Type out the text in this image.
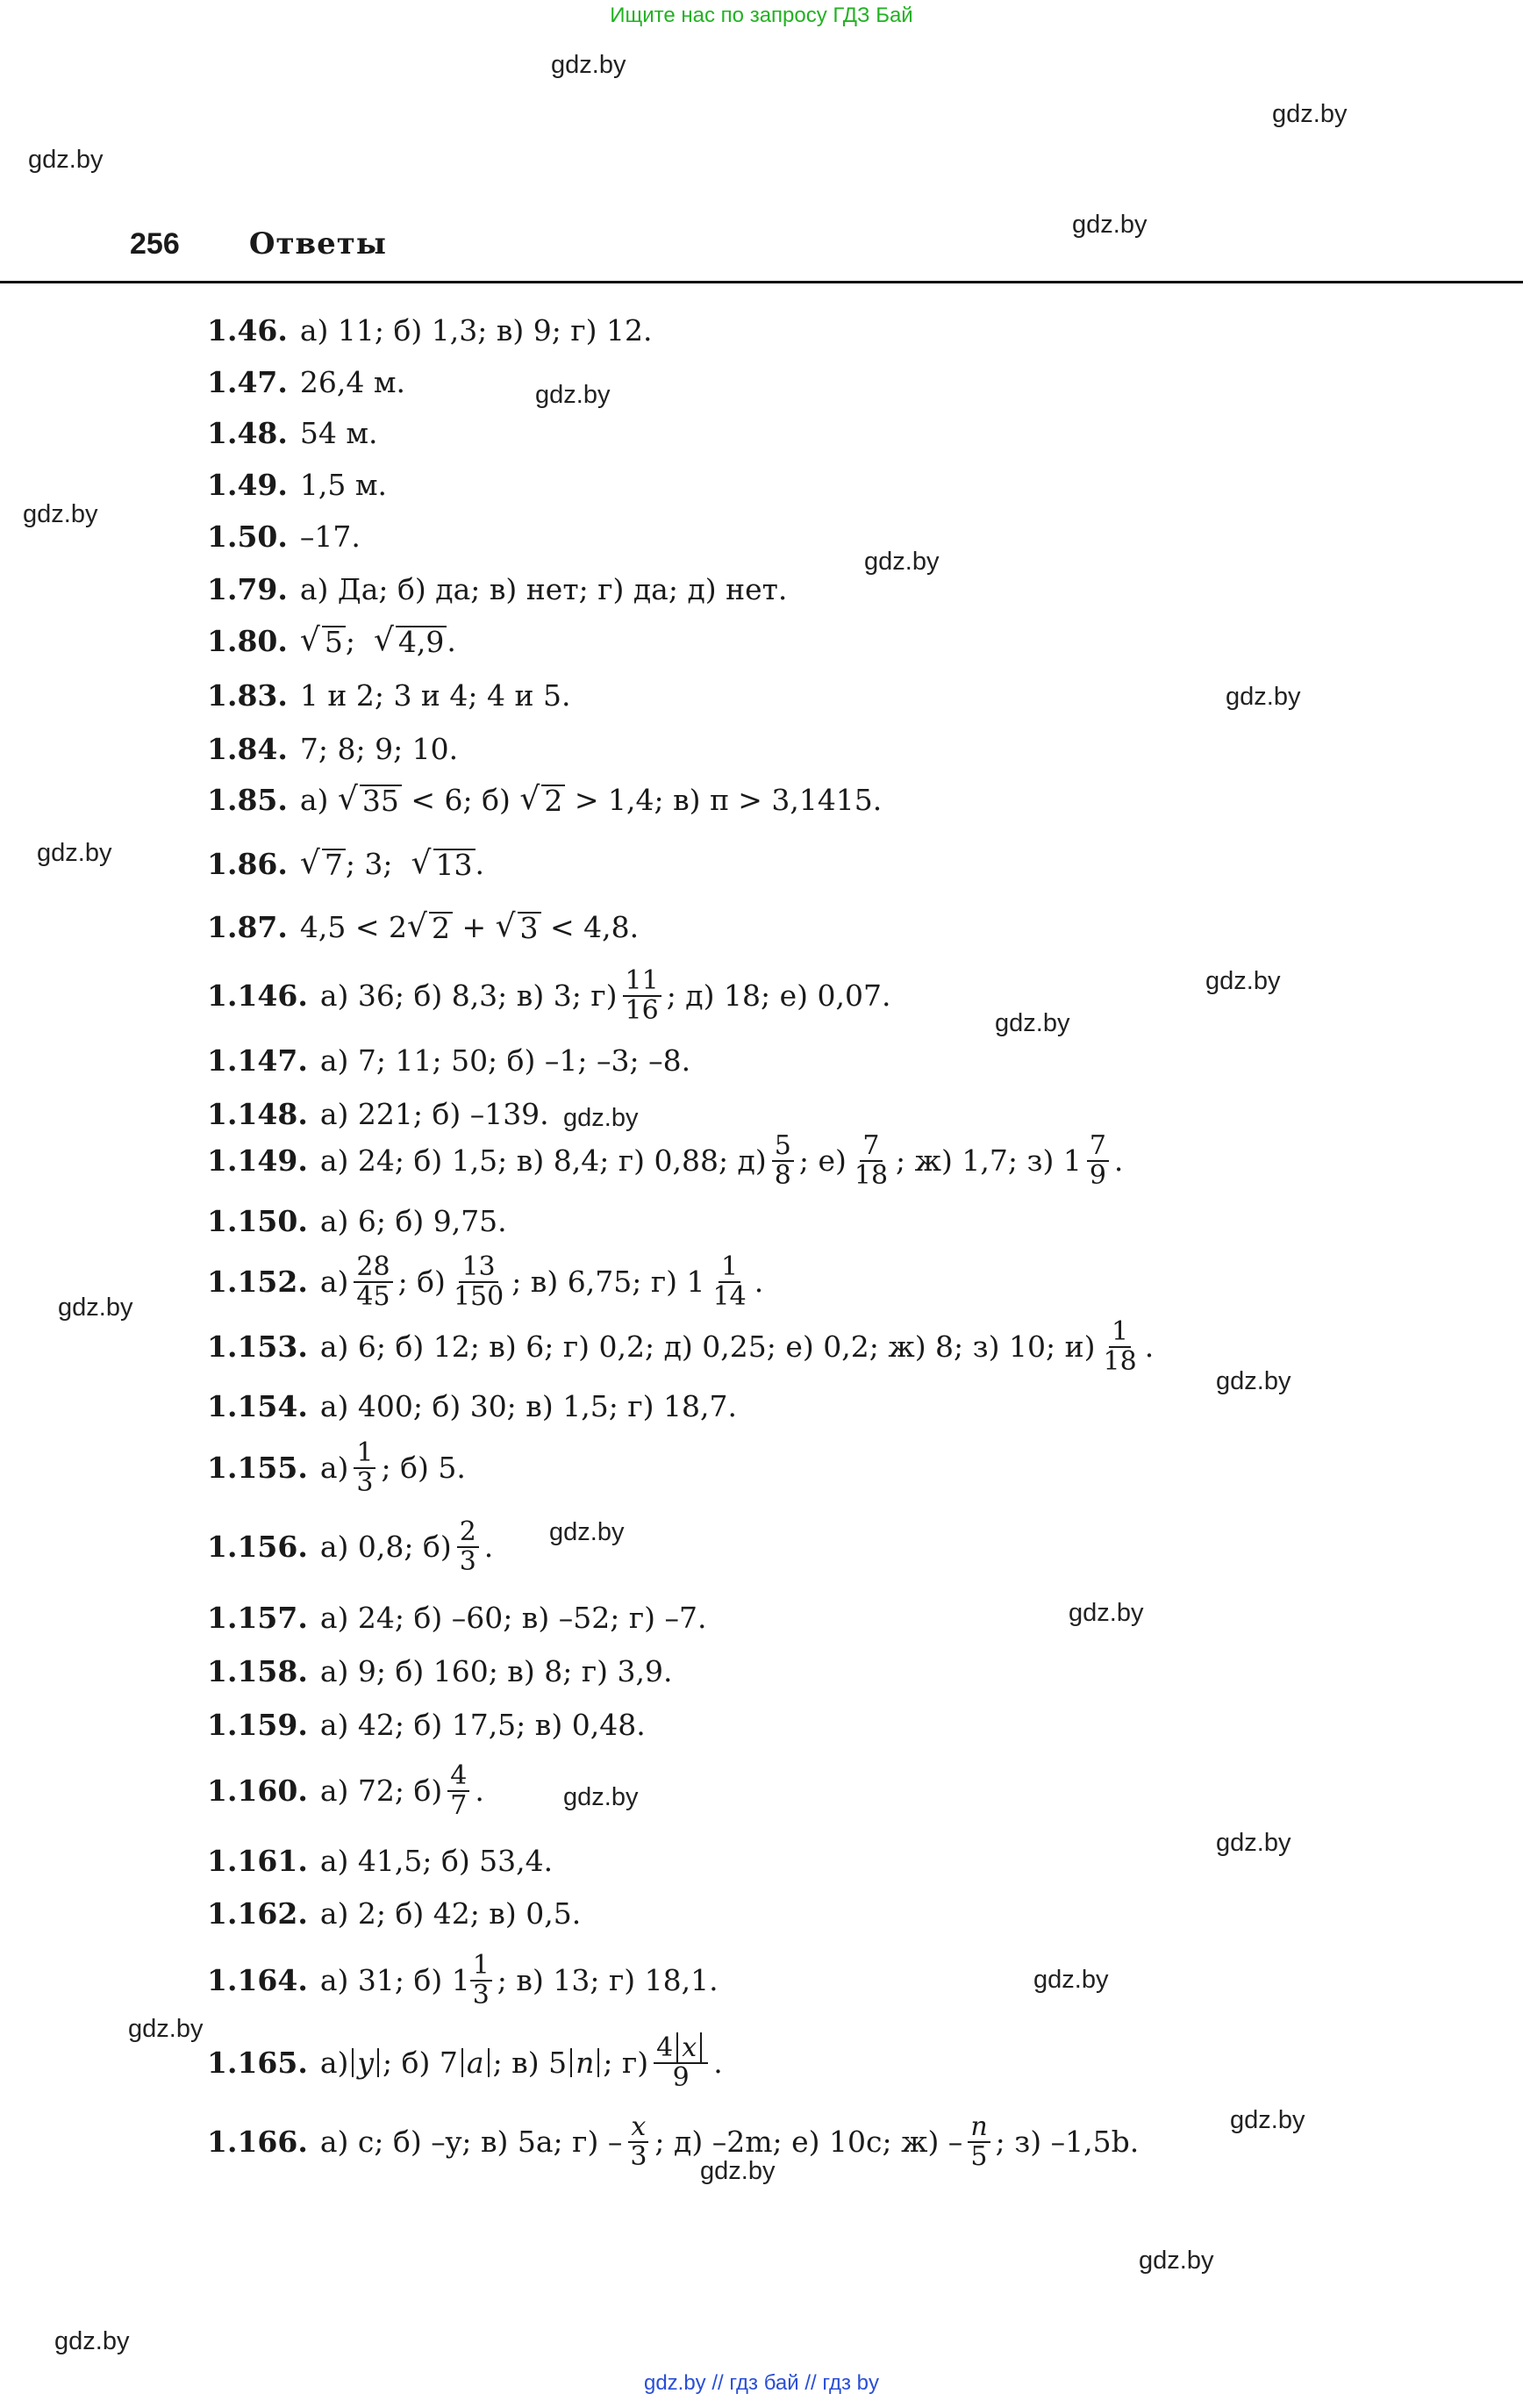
Ищите нас по запросу ГДЗ Бай
gdz.by
gdz.by
gdz.by
gdz.by
gdz.by
gdz.by
gdz.by
gdz.by
gdz.by
gdz.by
gdz.by
gdz.by
gdz.by
gdz.by
gdz.by
gdz.by
gdz.by
gdz.by
gdz.by
gdz.by
gdz.by
gdz.by
gdz.by
gdz.by
256 Ответы
1.46. а) 11; б) 1,3; в) 9; г) 12.
1.47. 26,4 м.
1.48. 54 м.
1.49. 1,5 м.
1.50. –17.
1.79. а) Да; б) да; в) нет; г) да; д) нет.
1.80. √ 5 ;
√ 4,9 .
1.83. 1 и 2; 3 и 4; 4 и 5.
1.84. 7; 8; 9; 10.
1.85. а)
√ 35
< 6; б)
√ 2
> 1,4; в) π > 3,1415.
1.86. √ 7 ; 3;
√ 13 .
1.87. 4,5 < 2 √ 2
+
√ 3
< 4,8.
1.146. а) 36; б) 8,3; в) 3; $г) \frac{11}{16}$ ; д) 18; е) 0,07.
1.147. а) 7; 11; 50; б) –1; –3; –8.
1.148. а) 221; б) –139.
1.149. а) 24; б) 1,5; в) 8,4; г) 0,88; $д) \frac{5}{8}$ ; $е) \frac{7}{18}$ ; ж) 1,7; з) $1 \frac{7}{9}$ .
1.150. а) 6; б) 9,75.
1.152. $а) \frac{28}{45}$ ; $б) \frac{13}{150}$ ; в) 6,75; г) $1 \frac{1}{14}$ .
1.153. а) 6; б) 12; в) 6; г) 0,2; д) 0,25; е) 0,2; ж) 8; з) 10; $и) \frac{1}{18}$ .
1.154. а) 400; б) 30; в) 1,5; г) 18,7.
1.155. $а) \frac{1}{3}$ ; б) 5.
1.156. а) 0,8; $б) \frac{2}{3}$ .
1.157. а) 24; б) –60; в) –52; г) –7.
1.158. а) 9; б) 160; в) 8; г) 3,9.
1.159. а) 42; б) 17,5; в) 0,48.
1.160. а) 72; $б) \frac{4}{7}$ .
1.161. а) 41,5; б) 53,4.
1.162. а) 2; б) 42; в) 0,5.
1.164. а) 31; б) $1 \frac{1}{3}$ ; в) 13; г) 18,1.
1.165. а) y ; б) 7 a ; в) 5 n ; $г) \frac{4 x}{9}$ .
1.166. а) c; б) –y; в) 5a; $г) - \frac{x}{3}$ ; д) –2m; е) 10c; $ж) - \frac{n}{5}$ ; з) –1,5b.
gdz.by // гдз бай // гдз by
